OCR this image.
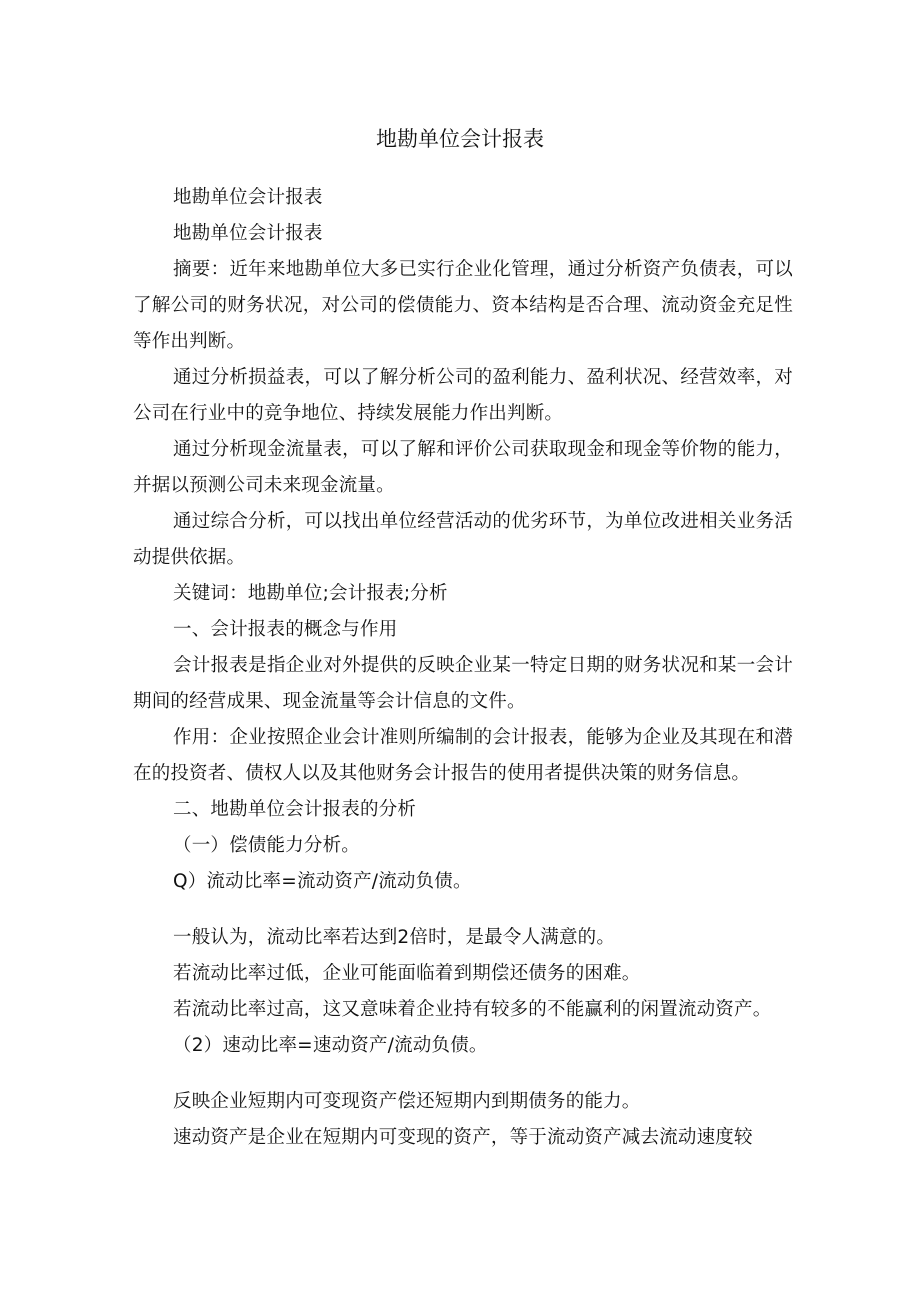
地勘单位会计报表

地勘单位会计报表

地勘单位会计报表

摘要：近年来地勘单位大多已实行企业化管理，通过分析资产负债表，可以了解公司的财务状况，对公司的偿债能力、资本结构是否合理、流动资金充足性等作出判断。

通过分析损益表，可以了解分析公司的盈利能力、盈利状况、经营效率，对公司在行业中的竞争地位、持续发展能力作出判断。

通过分析现金流量表，可以了解和评价公司获取现金和现金等价物的能力，并据以预测公司未来现金流量。

通过综合分析，可以找出单位经营活动的优劣环节，为单位改进相关业务活动提供依据。

关键词：地勘单位;会计报表;分析

一、会计报表的概念与作用

会计报表是指企业对外提供的反映企业某一特定日期的财务状况和某一会计期间的经营成果、现金流量等会计信息的文件。

作用：企业按照企业会计准则所编制的会计报表，能够为企业及其现在和潜在的投资者、债权人以及其他财务会计报告的使用者提供决策的财务信息。

二、地勘单位会计报表的分析

（一）偿债能力分析。

Q）流动比率=流动资产/流动负债。

一般认为，流动比率若达到2倍时，是最令人满意的。

若流动比率过低，企业可能面临着到期偿还债务的困难。

若流动比率过高，这又意味着企业持有较多的不能赢利的闲置流动资产。

（2）速动比率=速动资产/流动负债。

反映企业短期内可变现资产偿还短期内到期债务的能力。

速动资产是企业在短期内可变现的资产，等于流动资产减去流动速度较
